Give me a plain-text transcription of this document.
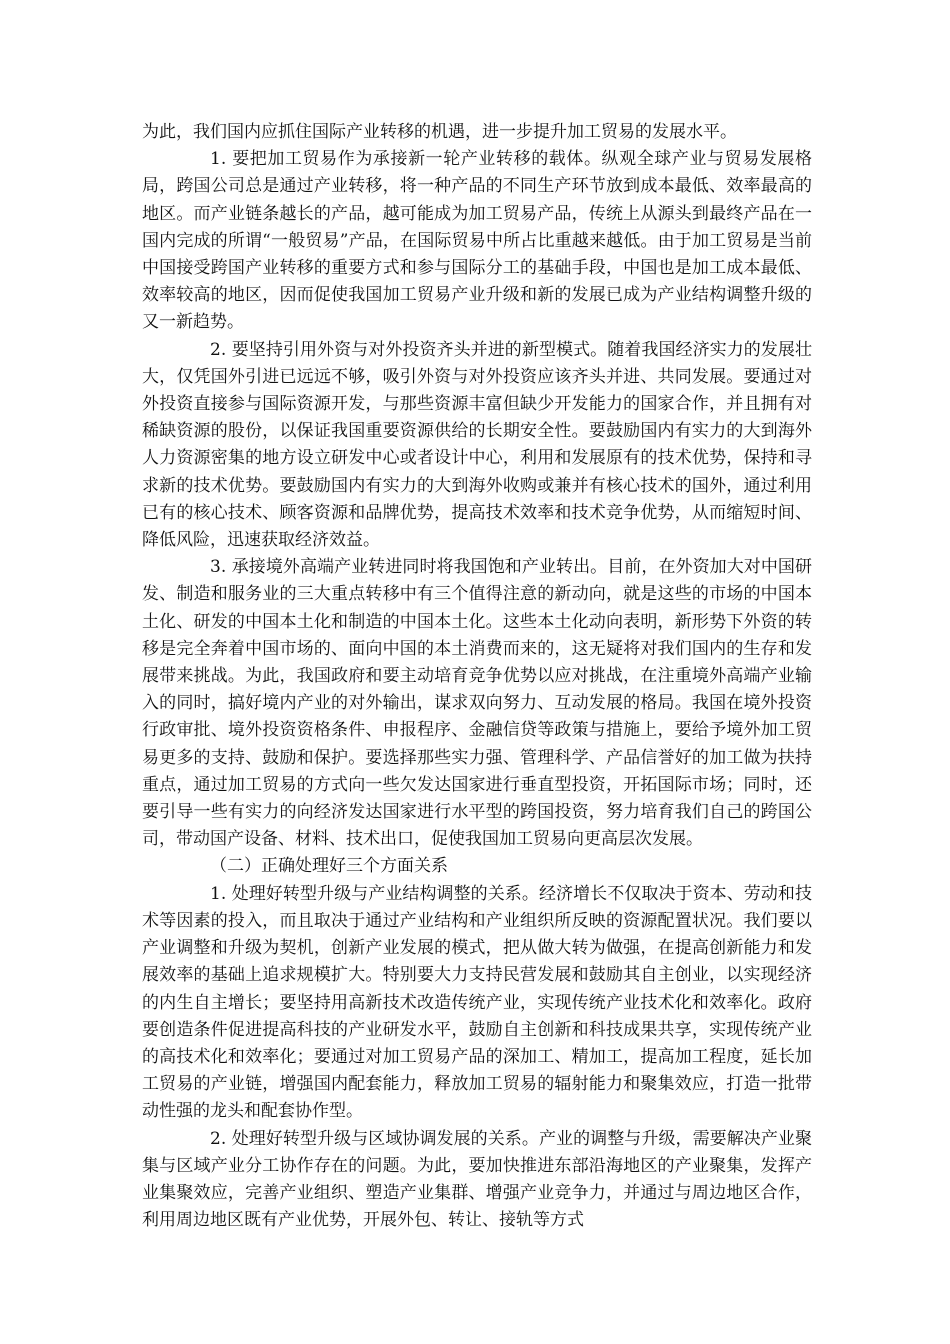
为此，我们国内应抓住国际产业转移的机遇，进一步提升加工贸易的发展水平。

1. 要把加工贸易作为承接新一轮产业转移的载体。纵观全球产业与贸易发展格局，跨国公司总是通过产业转移，将一种产品的不同生产环节放到成本最低、效率最高的地区。而产业链条越长的产品，越可能成为加工贸易产品，传统上从源头到最终产品在一国内完成的所谓“一般贸易”产品，在国际贸易中所占比重越来越低。由于加工贸易是当前中国接受跨国产业转移的重要方式和参与国际分工的基础手段，中国也是加工成本最低、效率较高的地区，因而促使我国加工贸易产业升级和新的发展已成为产业结构调整升级的又一新趋势。

2. 要坚持引用外资与对外投资齐头并进的新型模式。随着我国经济实力的发展壮大，仅凭国外引进已远远不够，吸引外资与对外投资应该齐头并进、共同发展。要通过对外投资直接参与国际资源开发，与那些资源丰富但缺少开发能力的国家合作，并且拥有对稀缺资源的股份，以保证我国重要资源供给的长期安全性。要鼓励国内有实力的大到海外人力资源密集的地方设立研发中心或者设计中心，利用和发展原有的技术优势，保持和寻求新的技术优势。要鼓励国内有实力的大到海外收购或兼并有核心技术的国外，通过利用已有的核心技术、顾客资源和品牌优势，提高技术效率和技术竞争优势，从而缩短时间、降低风险，迅速获取经济效益。

3. 承接境外高端产业转进同时将我国饱和产业转出。目前，在外资加大对中国研发、制造和服务业的三大重点转移中有三个值得注意的新动向，就是这些的市场的中国本土化、研发的中国本土化和制造的中国本土化。这些本土化动向表明，新形势下外资的转移是完全奔着中国市场的、面向中国的本土消费而来的，这无疑将对我们国内的生存和发展带来挑战。为此，我国政府和要主动培育竞争优势以应对挑战，在注重境外高端产业输入的同时，搞好境内产业的对外输出，谋求双向努力、互动发展的格局。我国在境外投资行政审批、境外投资资格条件、申报程序、金融信贷等政策与措施上，要给予境外加工贸易更多的支持、鼓励和保护。要选择那些实力强、管理科学、产品信誉好的加工做为扶持重点，通过加工贸易的方式向一些欠发达国家进行垂直型投资，开拓国际市场；同时，还要引导一些有实力的向经济发达国家进行水平型的跨国投资，努力培育我们自己的跨国公司，带动国产设备、材料、技术出口，促使我国加工贸易向更高层次发展。

（二）正确处理好三个方面关系

1. 处理好转型升级与产业结构调整的关系。经济增长不仅取决于资本、劳动和技术等因素的投入，而且取决于通过产业结构和产业组织所反映的资源配置状况。我们要以产业调整和升级为契机，创新产业发展的模式，把从做大转为做强，在提高创新能力和发展效率的基础上追求规模扩大。特别要大力支持民营发展和鼓励其自主创业，以实现经济的内生自主增长；要坚持用高新技术改造传统产业，实现传统产业技术化和效率化。政府要创造条件促进提高科技的产业研发水平，鼓励自主创新和科技成果共享，实现传统产业的高技术化和效率化；要通过对加工贸易产品的深加工、精加工，提高加工程度，延长加工贸易的产业链，增强国内配套能力，释放加工贸易的辐射能力和聚集效应，打造一批带动性强的龙头和配套协作型。

2. 处理好转型升级与区域协调发展的关系。产业的调整与升级，需要解决产业聚集与区域产业分工协作存在的问题。为此，要加快推进东部沿海地区的产业聚集，发挥产业集聚效应，完善产业组织、塑造产业集群、增强产业竞争力，并通过与周边地区合作，利用周边地区既有产业优势，开展外包、转让、接轨等方式
